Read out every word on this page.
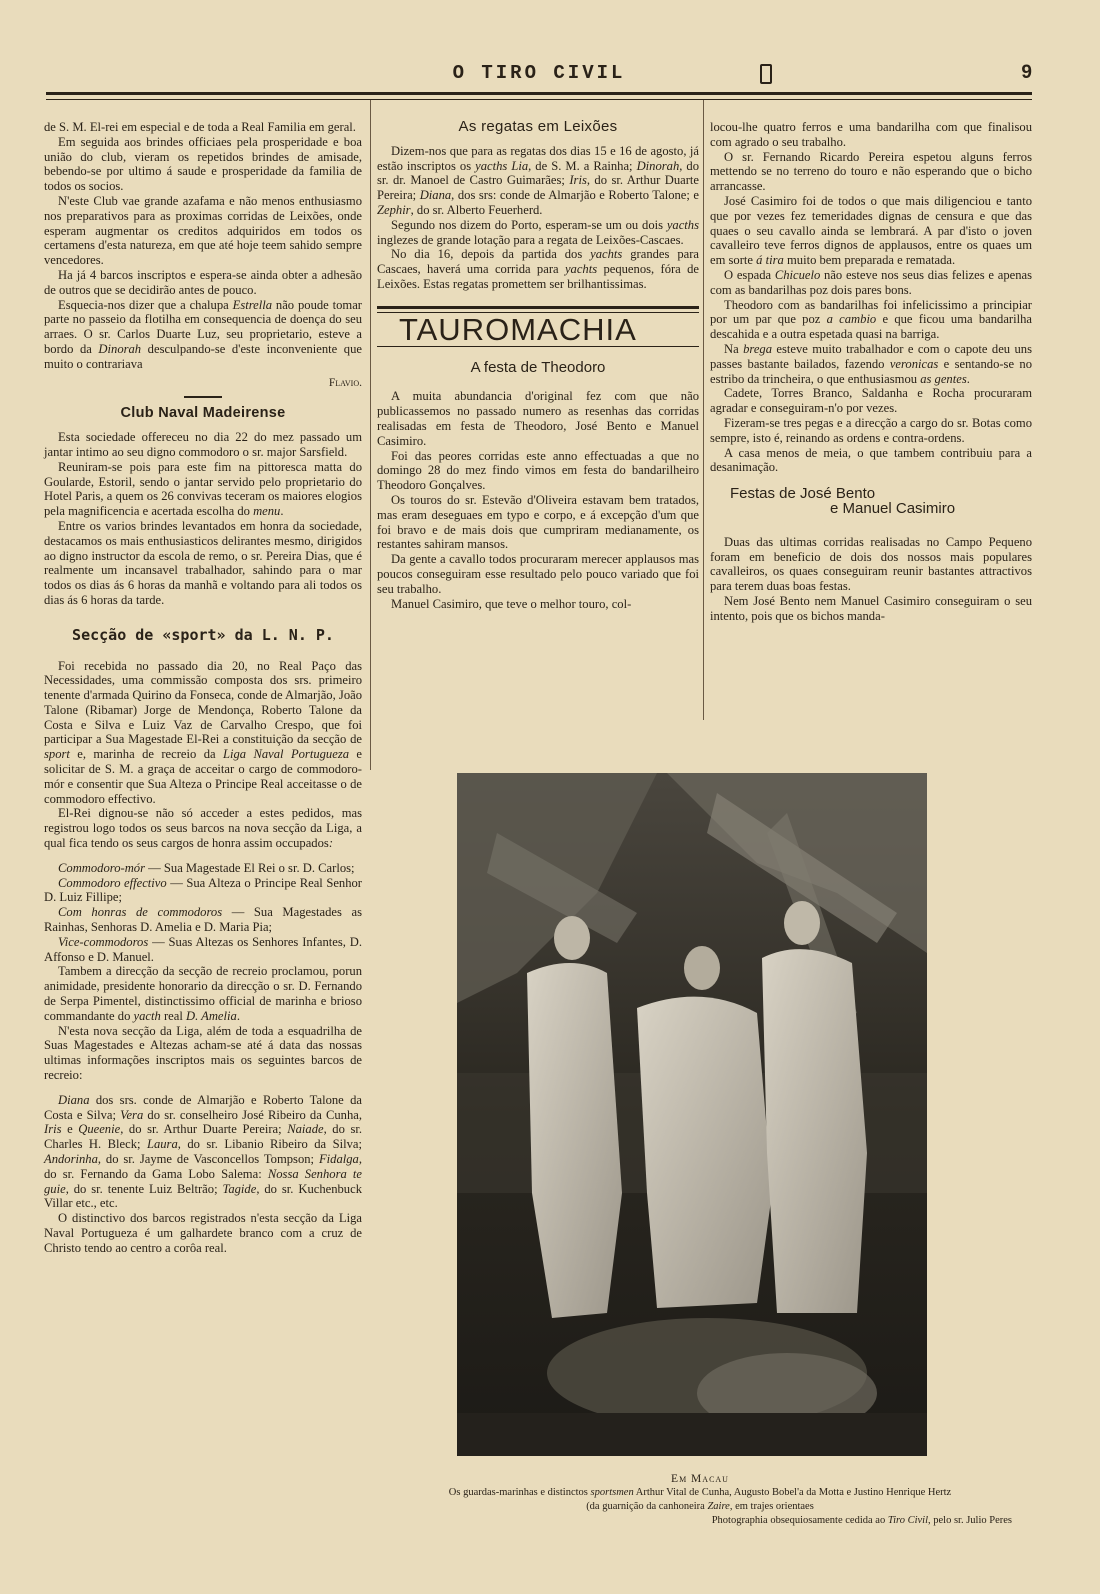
O TIRO CIVIL	9

de S. M. El-rei em especial e de toda a Real Familia em geral.

Em seguida aos brindes officiaes pela prosperidade e boa união do club, vieram os repetidos brindes de amisade, bebendo-se por ultimo á saude e prosperidade da familia de todos os socios.

N'este Club vae grande azafama e não menos enthusiasmo nos preparativos para as proximas corridas de Leixões, onde esperam augmentar os creditos adquiridos em todos os certamens d'esta natureza, em que até hoje teem sahido sempre vencedores.

Ha já 4 barcos inscriptos e espera-se ainda obter a adhesão de outros que se decidirão antes de pouco.

Esquecia-nos dizer que a chalupa Estrella não poude tomar parte no passeio da flotilha em consequencia de doença do seu arraes. O sr. Carlos Duarte Luz, seu proprietario, esteve a bordo da Dinorah desculpando-se d'este inconveniente que muito o contrariava

Flavio.
Club Naval Madeirense

Esta sociedade offereceu no dia 22 do mez passado um jantar intimo ao seu digno commodoro o sr. major Sarsfield.

Reuniram-se pois para este fim na pittoresca matta do Goularde, Estoril, sendo o jantar servido pelo proprietario do Hotel Paris, a quem os 26 convivas teceram os maiores elogios pela magnificencia e acertada escolha do menu.

Entre os varios brindes levantados em honra da sociedade, destacamos os mais enthusiasticos delirantes mesmo, dirigidos ao digno instructor da escola de remo, o sr. Pereira Dias, que é realmente um incansavel trabalhador, sahindo para o mar todos os dias ás 6 horas da manhã e voltando para ali todos os dias ás 6 horas da tarde.

Secção de «sport» da L. N. P.

Foi recebida no passado dia 20, no Real Paço das Necessidades, uma commissão composta dos srs. primeiro tenente d'armada Quirino da Fonseca, conde de Almarjão, João Talone (Ribamar) Jorge de Mendonça, Roberto Talone da Costa e Silva e Luiz Vaz de Carvalho Crespo, que foi participar a Sua Magestade El-Rei a constituição da secção de sport e, marinha de recreio da Liga Naval Portugueza e solicitar de S. M. a graça de acceitar o cargo de commodoro-mór e consentir que Sua Alteza o Principe Real acceitasse o de commodoro effectivo.

El-Rei dignou-se não só acceder a estes pedidos, mas registrou logo todos os seus barcos na nova secção da Liga, a qual fica tendo os seus cargos de honra assim occupados:

Commodoro-mór — Sua Magestade El Rei o sr. D. Carlos;

Commodoro effectivo — Sua Alteza o Principe Real Senhor D. Luiz Fillipe;

Com honras de commodoros — Sua Magestades as Rainhas, Senhoras D. Amelia e D. Maria Pia;

Vice-commodoros — Suas Altezas os Senhores Infantes, D. Affonso e D. Manuel.

Tambem a direcção da secção de recreio proclamou, porun animidade, presidente honorario da direcção o sr. D. Fernando de Serpa Pimentel, distinctissimo official de marinha e brioso commandante do yacth real D. Amelia.

N'esta nova secção da Liga, além de toda a esquadrilha de Suas Magestades e Altezas acham-se até á data das nossas ultimas informações inscriptos mais os seguintes barcos de recreio:

Diana dos srs. conde de Almarjão e Roberto Talone da Costa e Silva; Vera do sr. conselheiro José Ribeiro da Cunha, Iris e Queenie, do sr. Arthur Duarte Pereira; Naiade, do sr. Charles H. Bleck; Laura, do sr. Libanio Ribeiro da Silva; Andorinha, do sr. Jayme de Vasconcellos Tompson; Fidalga, do sr. Fernando da Gama Lobo Salema: Nossa Senhora te guie, do sr. tenente Luiz Beltrão; Tagide, do sr. Kuchenbuck Villar etc., etc.

O distinctivo dos barcos registrados n'esta secção da Liga Naval Portugueza é um galhardete branco com a cruz de Christo tendo ao centro a corôa real.

As regatas em Leixões

Dizem-nos que para as regatas dos dias 15 e 16 de agosto, já estão inscriptos os yacths Lia, de S. M. a Rainha; Dinorah, do sr. dr. Manoel de Castro Guimarães; Iris, do sr. Arthur Duarte Pereira; Diana, dos srs: conde de Almarjão e Roberto Talone; e Zephir, do sr. Alberto Feuerherd.

Segundo nos dizem do Porto, esperam-se um ou dois yacths inglezes de grande lotação para a regata de Leixões-Cascaes.

No dia 16, depois da partida dos yachts grandes para Cascaes, haverá uma corrida para yachts pequenos, fóra de Leixões. Estas regatas promettem ser brilhantissimas.

TAUROMACHIA
A festa de Theodoro

A muita abundancia d'original fez com que não publicassemos no passado numero as resenhas das corridas realisadas em festa de Theodoro, José Bento e Manuel Casimiro.

Foi das peores corridas este anno effectuadas a que no domingo 28 do mez findo vimos em festa do bandarilheiro Theodoro Gonçalves.

Os touros do sr. Estevão d'Oliveira estavam bem tratados, mas eram deseguaes em typo e corpo, e á excepção d'um que foi bravo e de mais dois que cumpriram medianamente, os restantes sahiram mansos.

Da gente a cavallo todos procuraram merecer applausos mas poucos conseguiram esse resultado pelo pouco variado que foi seu trabalho.

Manuel Casimiro, que teve o melhor touro, col-

locou-lhe quatro ferros e uma bandarilha com que finalisou com agrado o seu trabalho.

O sr. Fernando Ricardo Pereira espetou alguns ferros mettendo se no terreno do touro e não esperando que o bicho arrancasse.

José Casimiro foi de todos o que mais diligenciou e tanto que por vezes fez temeridades dignas de censura e que das quaes o seu cavallo ainda se lembrará. A par d'isto o joven cavalleiro teve ferros dignos de applausos, entre os quaes um em sorte á tira muito bem preparada e rematada.

O espada Chicuelo não esteve nos seus dias felizes e apenas com as bandarilhas poz dois pares bons.

Theodoro com as bandarilhas foi infelicissimo a principiar por um par que poz a cambio e que ficou uma bandarilha descahida e a outra espetada quasi na barriga.

Na brega esteve muito trabalhador e com o capote deu uns passes bastante bailados, fazendo veronicas e sentando-se no estribo da trincheira, o que enthusiasmou as gentes.

Cadete, Torres Branco, Saldanha e Rocha procuraram agradar e conseguiram-n'o por vezes.

Fizeram-se tres pegas e a direcção a cargo do sr. Botas como sempre, isto é, reinando as ordens e contra-ordens.

A casa menos de meia, o que tambem contribuiu para a desanimação.

Festas de José Bento
e Manuel Casimiro

Duas das ultimas corridas realisadas no Campo Pequeno foram em beneficio de dois dos nossos mais populares cavalleiros, os quaes conseguiram reunir bastantes attractivos para terem duas boas festas.

Nem José Bento nem Manuel Casimiro conseguiram o seu intento, pois que os bichos manda-

Em Macau
Os guardas-marinhas e distinctos sportsmen Arthur Vital de Cunha, Augusto Bobel'a da Motta e Justino Henrique Hertz
(da guarnição da canhoneira Zaire, em trajes orientaes
Photographia obsequiosamente cedida ao Tiro Civil, pelo sr. Julio Peres
